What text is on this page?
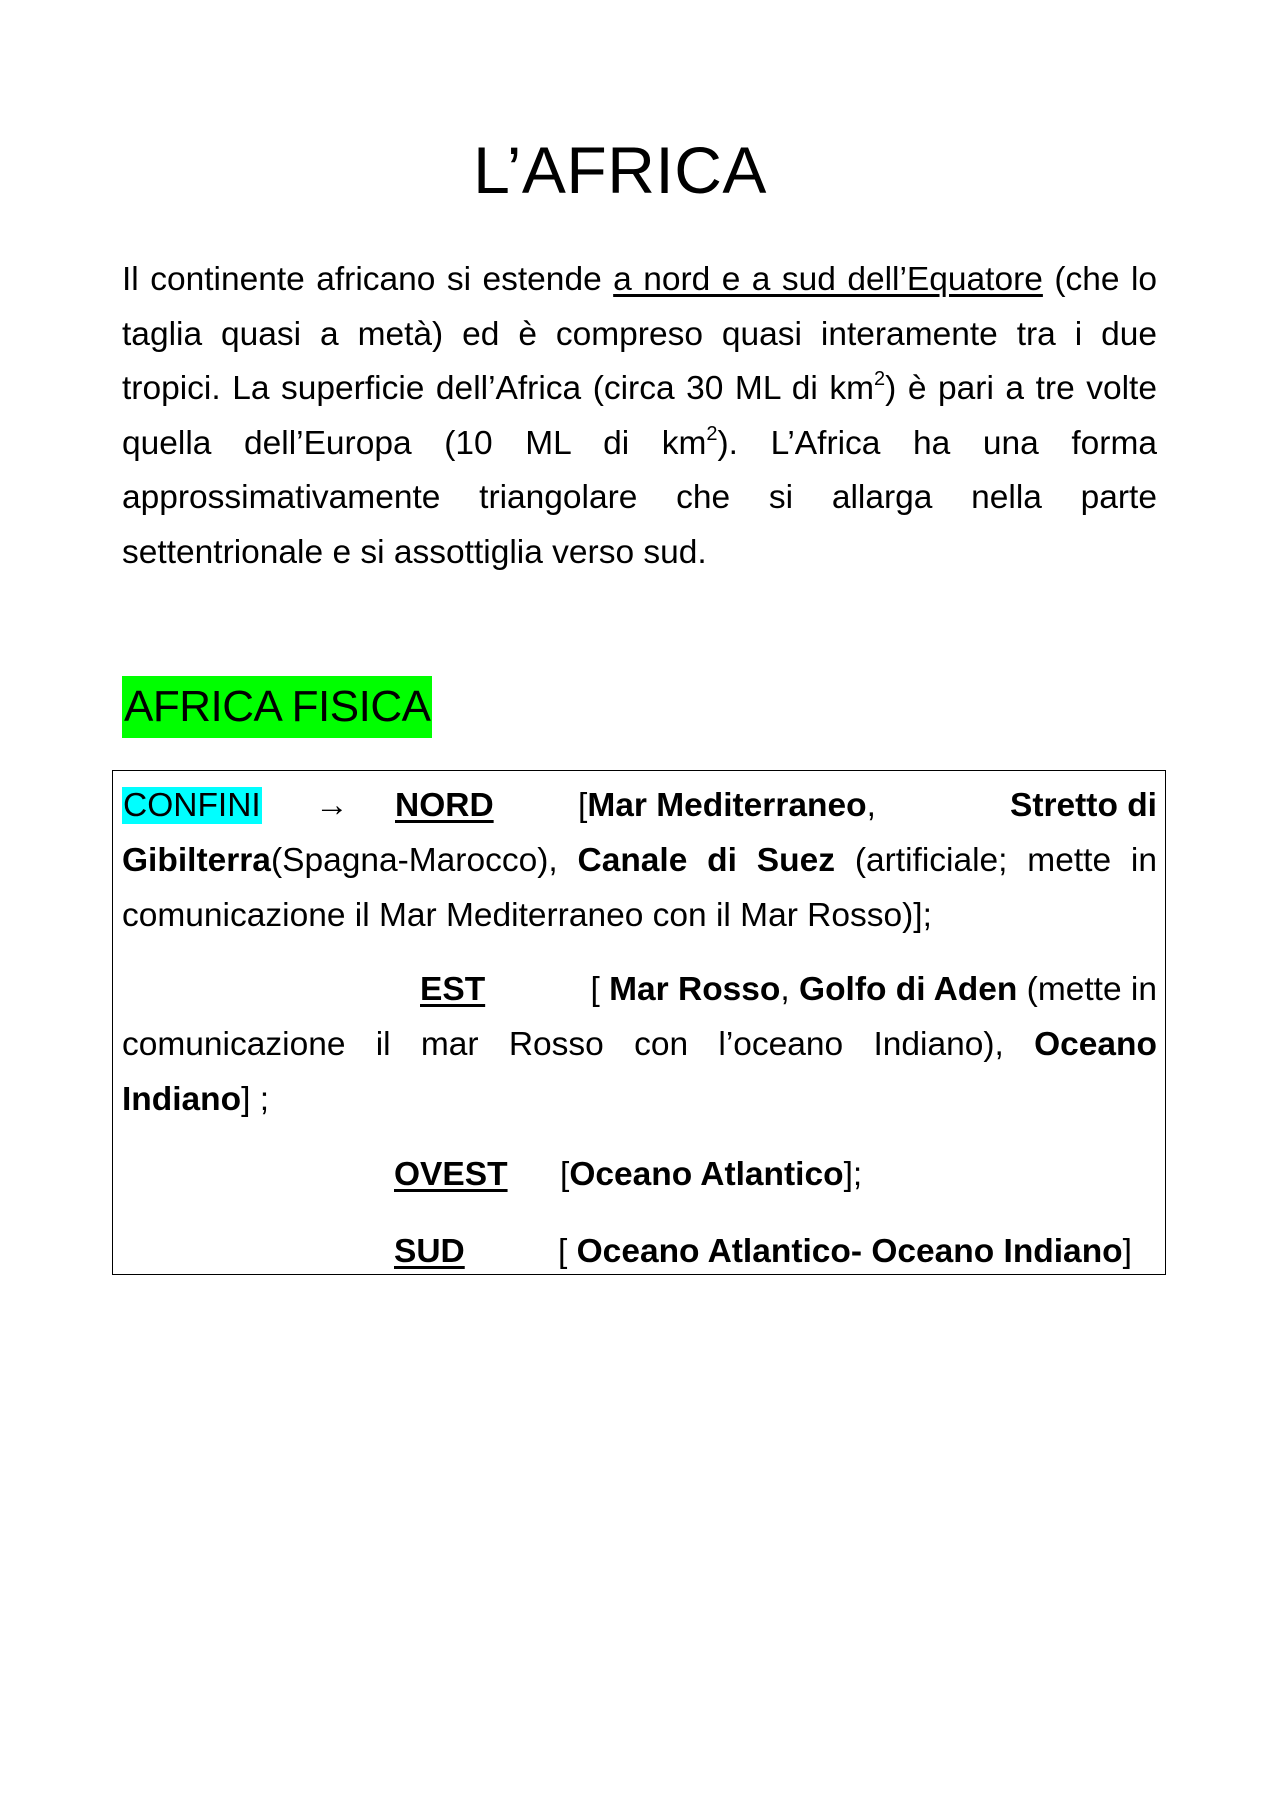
L’AFRICA

Il continente africano si estende a nord e a sud dell’Equatore (che lo taglia quasi a metà) ed è compreso quasi interamente tra i due tropici. La superficie dell’Africa (circa 30 ML di $km^2$) è pari a tre volte quella dell’Europa (10 ML di $km^2$). L’Africa ha una forma approssimativamente triangolare che si allarga nella parte settentrionale e si assottiglia verso sud.

AFRICA FISICA
CONFINI → NORD	[Mar Mediterraneo,	Stretto di

Gibilterra(Spagna-Marocco), Canale di Suez (artificiale; mette in comunicazione il Mar Mediterraneo con il Mar Rosso)];

EST	[ Mar Rosso, Golfo di Aden (mette in
comunicazione il mar Rosso con l’oceano Indiano), Oceano
Indiano] ;
OVEST [Oceano Atlantico];
SUD	[ Oceano Atlantico- Oceano Indiano]
